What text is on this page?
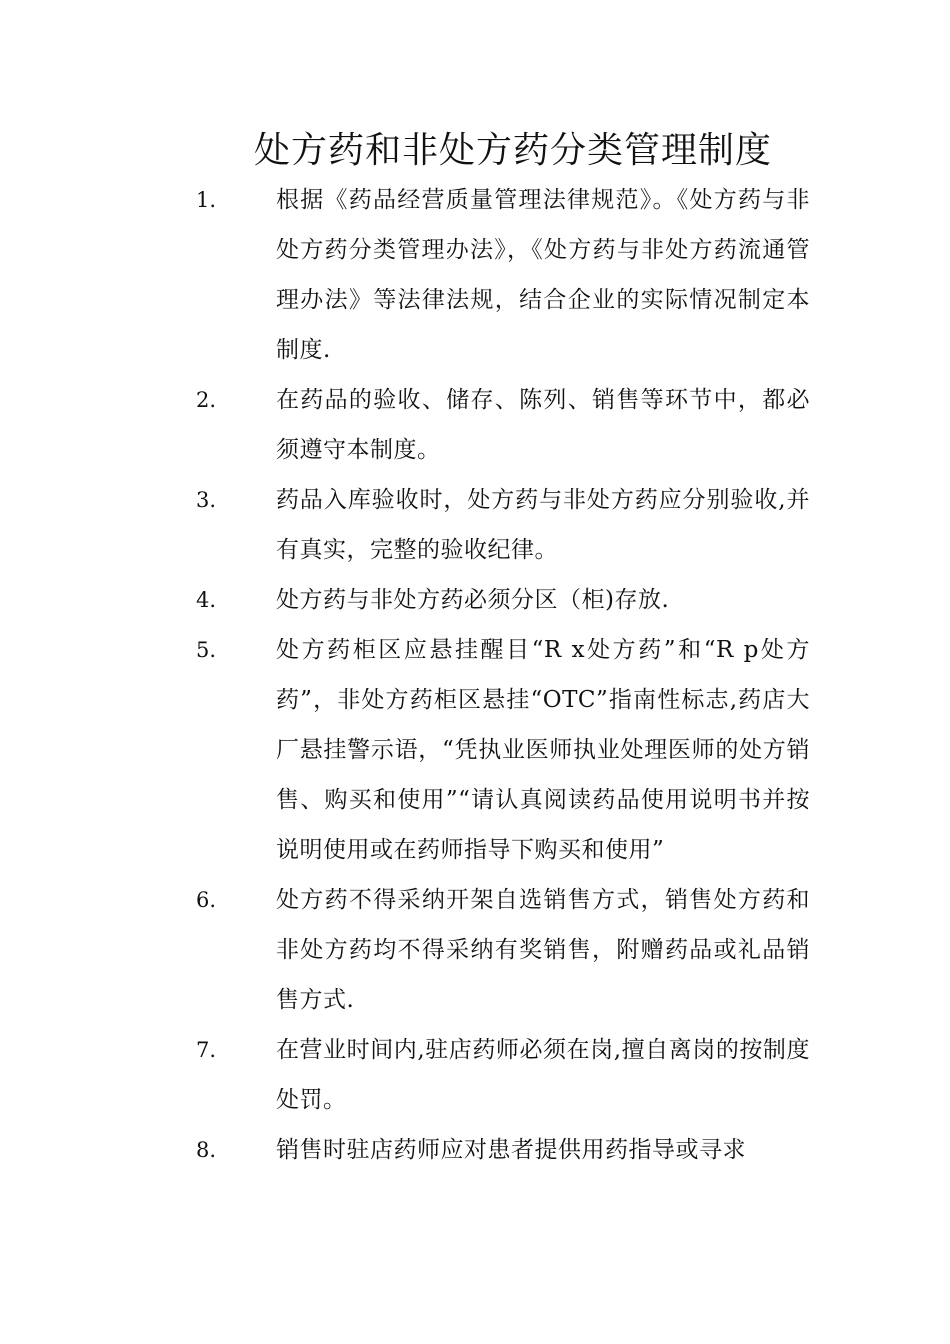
处方药和非处方药分类管理制度
1.	根据《药品经营质量管理法律规范》。《处方药与非处方药分类管理办法》，《处方药与非处方药流通管理办法》等法律法规，结合企业的实际情况制定本制度.
2.	在药品的验收、储存、陈列、销售等环节中，都必须遵守本制度。
3.	药品入库验收时，处方药与非处方药应分别验收,并有真实，完整的验收纪律。
4.	处方药与非处方药必须分区（柜)存放.
5.	处方药柜区应悬挂醒目“R x处方药”和“R p处方药”，非处方药柜区悬挂“OTC”指南性标志,药店大厂悬挂警示语，“凭执业医师执业处理医师的处方销售、购买和使用”“请认真阅读药品使用说明书并按说明使用或在药师指导下购买和使用”
6.	处方药不得采纳开架自选销售方式，销售处方药和非处方药均不得采纳有奖销售，附赠药品或礼品销售方式.
7.	在营业时间内,驻店药师必须在岗,擅自离岗的按制度处罚。
8.	销售时驻店药师应对患者提供用药指导或寻求
